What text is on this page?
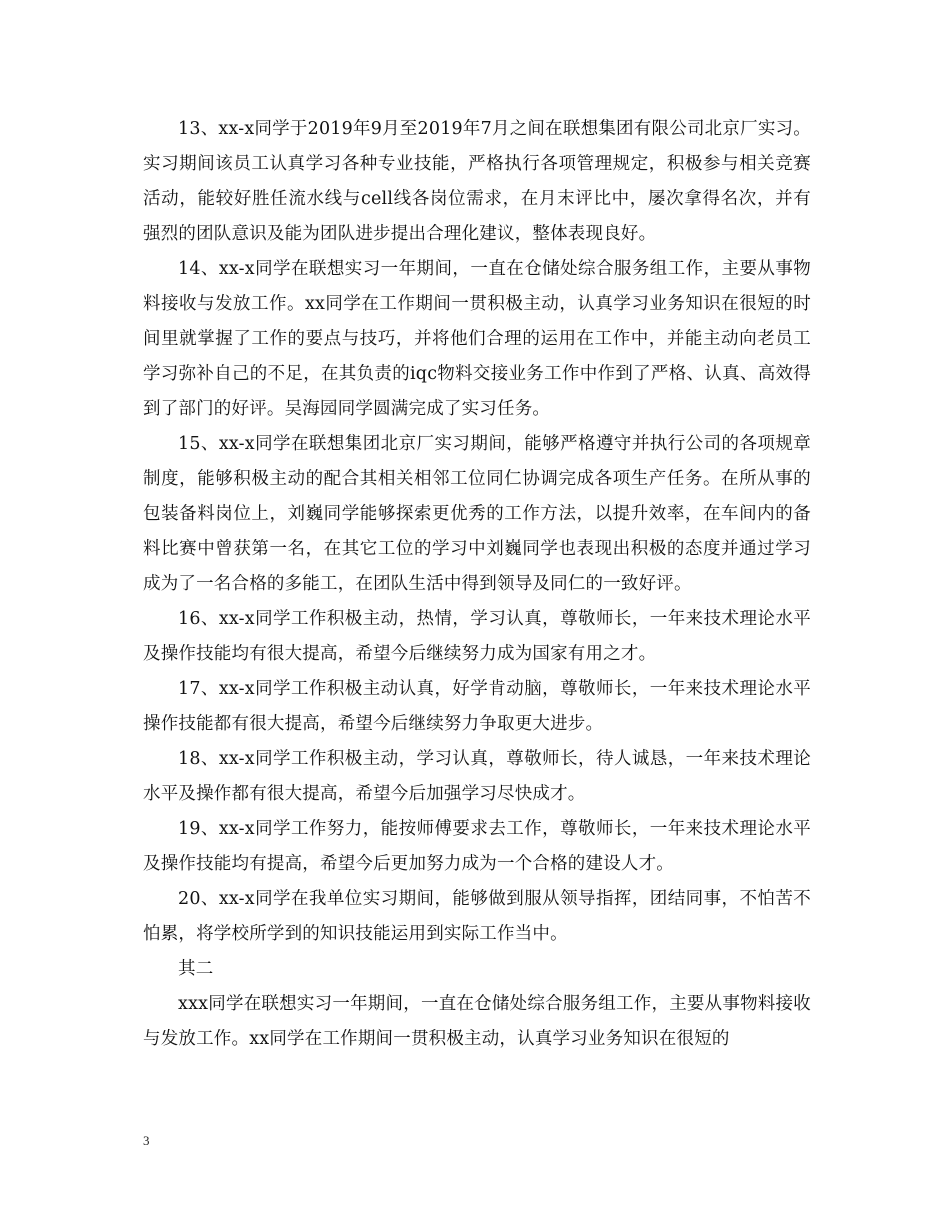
13、xx-x同学于2019年9月至2019年7月之间在联想集团有限公司北京厂实习。实习期间该员工认真学习各种专业技能，严格执行各项管理规定，积极参与相关竞赛活动，能较好胜任流水线与cell线各岗位需求，在月末评比中，屡次拿得名次，并有强烈的团队意识及能为团队进步提出合理化建议，整体表现良好。

14、xx-x同学在联想实习一年期间，一直在仓储处综合服务组工作，主要从事物料接收与发放工作。xx同学在工作期间一贯积极主动，认真学习业务知识在很短的时间里就掌握了工作的要点与技巧，并将他们合理的运用在工作中，并能主动向老员工学习弥补自己的不足，在其负责的iqc物料交接业务工作中作到了严格、认真、高效得到了部门的好评。吴海园同学圆满完成了实习任务。

15、xx-x同学在联想集团北京厂实习期间，能够严格遵守并执行公司的各项规章制度，能够积极主动的配合其相关相邻工位同仁协调完成各项生产任务。在所从事的包装备料岗位上，刘巍同学能够探索更优秀的工作方法，以提升效率，在车间内的备料比赛中曾获第一名，在其它工位的学习中刘巍同学也表现出积极的态度并通过学习成为了一名合格的多能工，在团队生活中得到领导及同仁的一致好评。

16、xx-x同学工作积极主动，热情，学习认真，尊敬师长，一年来技术理论水平及操作技能均有很大提高，希望今后继续努力成为国家有用之才。

17、xx-x同学工作积极主动认真，好学肯动脑，尊敬师长，一年来技术理论水平操作技能都有很大提高，希望今后继续努力争取更大进步。

18、xx-x同学工作积极主动，学习认真，尊敬师长，待人诚恳，一年来技术理论水平及操作都有很大提高，希望今后加强学习尽快成才。

19、xx-x同学工作努力，能按师傅要求去工作，尊敬师长，一年来技术理论水平及操作技能均有提高，希望今后更加努力成为一个合格的建设人才。

20、xx-x同学在我单位实习期间，能够做到服从领导指挥，团结同事，不怕苦不怕累，将学校所学到的知识技能运用到实际工作当中。

其二

xxx同学在联想实习一年期间，一直在仓储处综合服务组工作，主要从事物料接收与发放工作。xx同学在工作期间一贯积极主动，认真学习业务知识在很短的

3
